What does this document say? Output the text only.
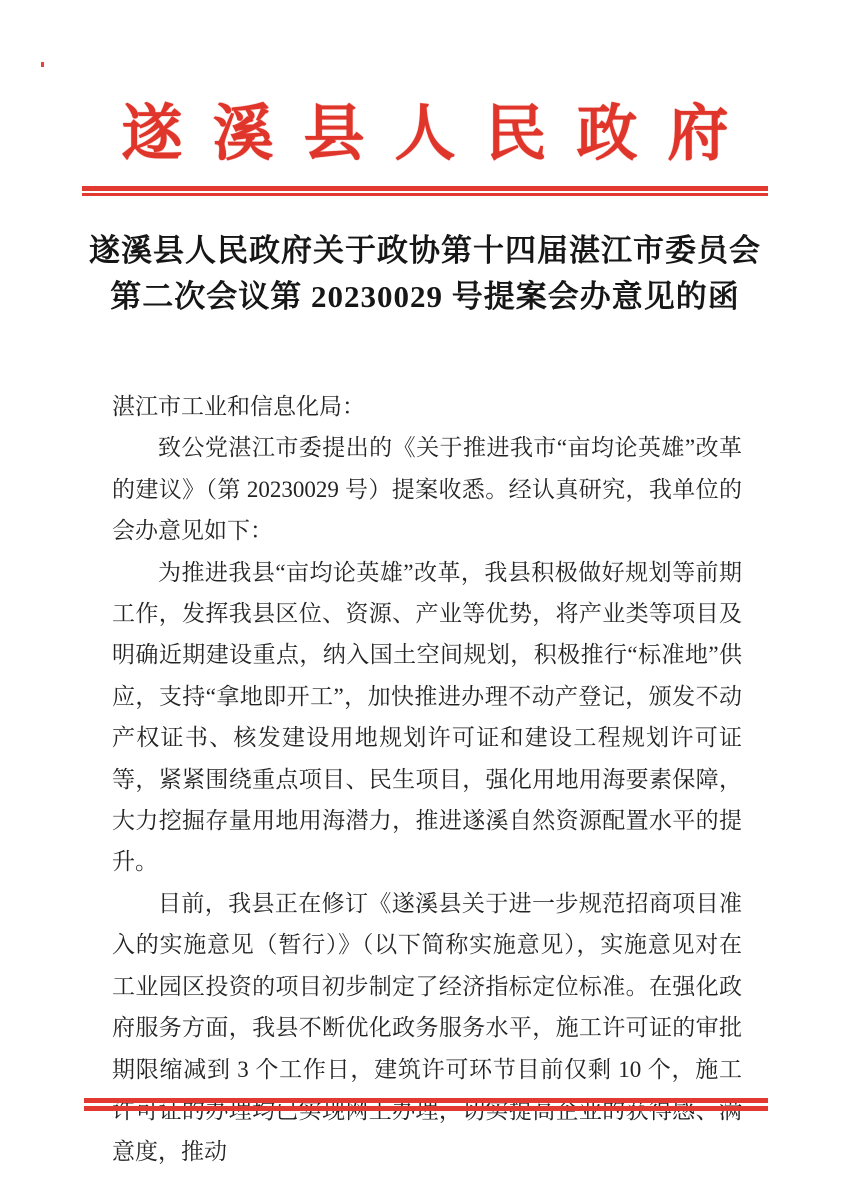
遂溪县人民政府
遂溪县人民政府关于政协第十四届湛江市委员会
第二次会议第 20230029 号提案会办意见的函

湛江市工业和信息化局：

致公党湛江市委提出的《关于推进我市“亩均论英雄”改革的建议》（第 20230029 号）提案收悉。经认真研究，我单位的会办意见如下：

为推进我县“亩均论英雄”改革，我县积极做好规划等前期工作，发挥我县区位、资源、产业等优势，将产业类等项目及明确近期建设重点，纳入国土空间规划，积极推行“标准地”供应，支持“拿地即开工”，加快推进办理不动产登记，颁发不动产权证书、核发建设用地规划许可证和建设工程规划许可证等，紧紧围绕重点项目、民生项目，强化用地用海要素保障，大力挖掘存量用地用海潜力，推进遂溪自然资源配置水平的提升。

目前，我县正在修订《遂溪县关于进一步规范招商项目准入的实施意见（暂行）》（以下简称实施意见），实施意见对在工业园区投资的项目初步制定了经济指标定位标准。在强化政府服务方面，我县不断优化政务服务水平，施工许可证的审批期限缩减到 3 个工作日，建筑许可环节目前仅剩 10 个，施工许可证的办理均已实现网上办理，切实提高企业的获得感、满意度，推动
